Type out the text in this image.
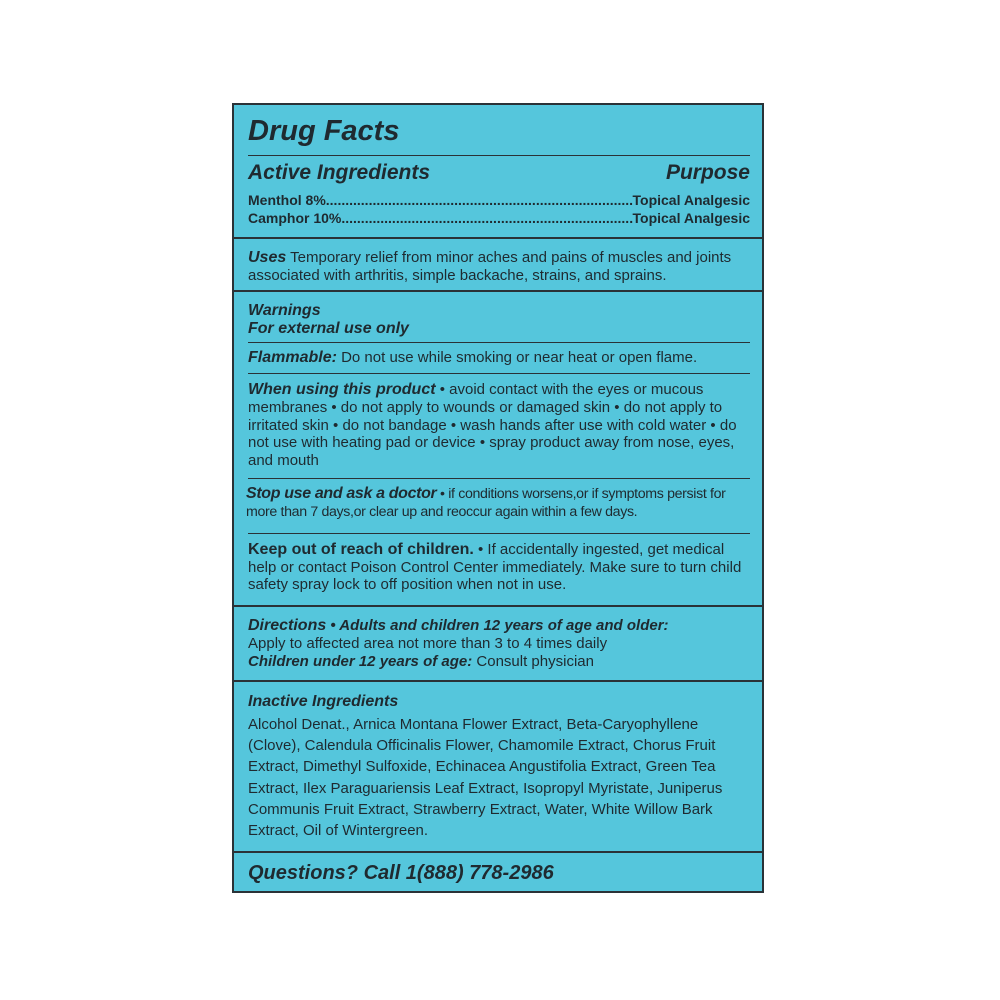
Drug Facts
Active Ingredients	Purpose
Menthol 8% .....	Topical Analgesic
Camphor 10% .....	Topical Analgesic
Uses Temporary relief from minor aches and pains of muscles and joints associated with arthritis, simple backache, strains, and sprains.
Warnings
For external use only
Flammable: Do not use while smoking or near heat or open flame.
When using this product • avoid contact with the eyes or mucous membranes • do not apply to wounds or damaged skin • do not apply to irritated skin • do not bandage • wash hands after use with cold water • do not use with heating pad or device • spray product away from nose, eyes, and mouth
Stop use and ask a doctor • if conditions worsens,or if symptoms persist for more than 7 days,or clear up and reoccur again within a few days.
Keep out of reach of children. • If accidentally ingested, get medical help or contact Poison Control Center immediately. Make sure to turn child safety spray lock to off position when not in use.
Directions • Adults and children 12 years of age and older:
Apply to affected area not more than 3 to 4 times daily
Children under 12 years of age: Consult physician
Inactive Ingredients
Alcohol Denat., Arnica Montana Flower Extract, Beta-Caryophyllene (Clove), Calendula Officinalis Flower, Chamomile Extract, Chorus Fruit Extract, Dimethyl Sulfoxide, Echinacea Angustifolia Extract, Green Tea Extract, Ilex Paraguariensis Leaf Extract, Isopropyl Myristate, Juniperus Communis Fruit Extract, Strawberry Extract, Water, White Willow Bark Extract, Oil of Wintergreen.
Questions? Call 1(888) 778-2986
